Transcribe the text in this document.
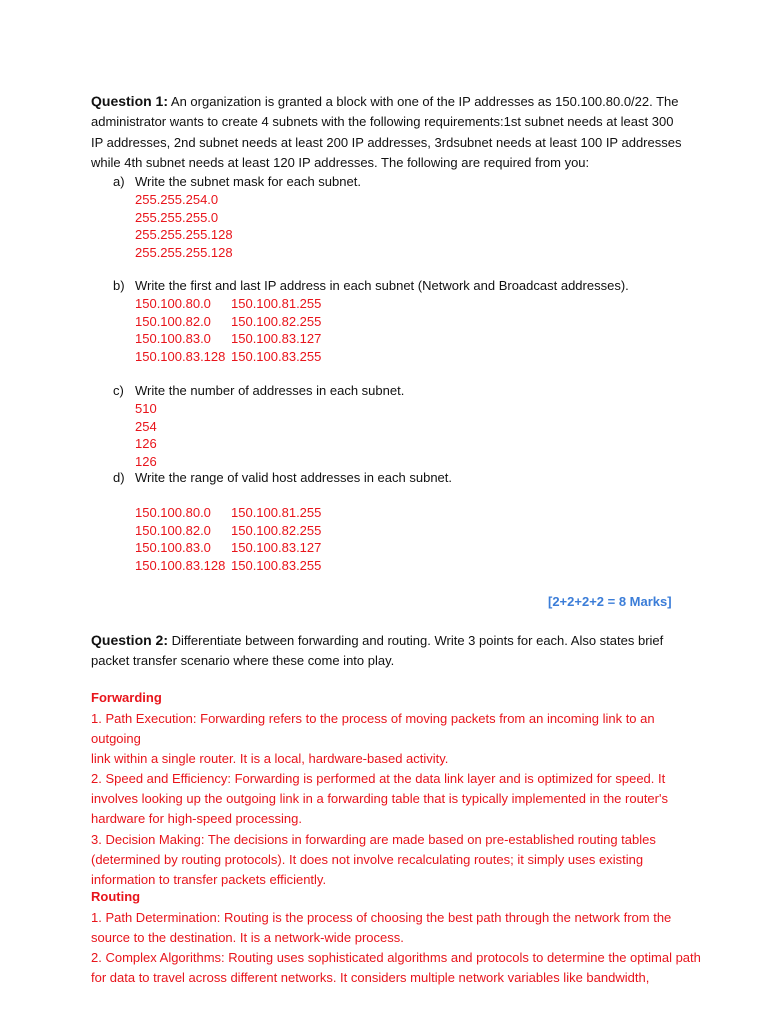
Question 1: An organization is granted a block with one of the IP addresses as 150.100.80.0/22. The
administrator wants to create 4 subnets with the following requirements:1st subnet needs at least 300
IP addresses, 2nd subnet needs at least 200 IP addresses, 3rdsubnet needs at least 100 IP addresses
while 4th subnet needs at least 120 IP addresses. The following are required from you:
a) Write the subnet mask for each subnet.
255.255.254.0
255.255.255.0
255.255.255.128
255.255.255.128
b) Write the first and last IP address in each subnet (Network and Broadcast addresses).
150.100.80.0	150.100.81.255
150.100.82.0	150.100.82.255
150.100.83.0	150.100.83.127
150.100.83.128 150.100.83.255
c) Write the number of addresses in each subnet.
510
254
126
126
d) Write the range of valid host addresses in each subnet.
150.100.80.0	150.100.81.255
150.100.82.0	150.100.82.255
150.100.83.0	150.100.83.127
150.100.83.128 150.100.83.255
[2+2+2+2 = 8 Marks]
Question 2: Differentiate between forwarding and routing. Write 3 points for each. Also states brief
packet transfer scenario where these come into play.
Forwarding
1. Path Execution: Forwarding refers to the process of moving packets from an incoming link to an outgoing
link within a single router. It is a local, hardware-based activity.
2. Speed and Efficiency: Forwarding is performed at the data link layer and is optimized for speed. It
involves looking up the outgoing link in a forwarding table that is typically implemented in the router's
hardware for high-speed processing.
3. Decision Making: The decisions in forwarding are made based on pre-established routing tables
(determined by routing protocols). It does not involve recalculating routes; it simply uses existing
information to transfer packets efficiently.
Routing
1. Path Determination: Routing is the process of choosing the best path through the network from the
source to the destination. It is a network-wide process.
2. Complex Algorithms: Routing uses sophisticated algorithms and protocols to determine the optimal path
for data to travel across different networks. It considers multiple network variables like bandwidth,
